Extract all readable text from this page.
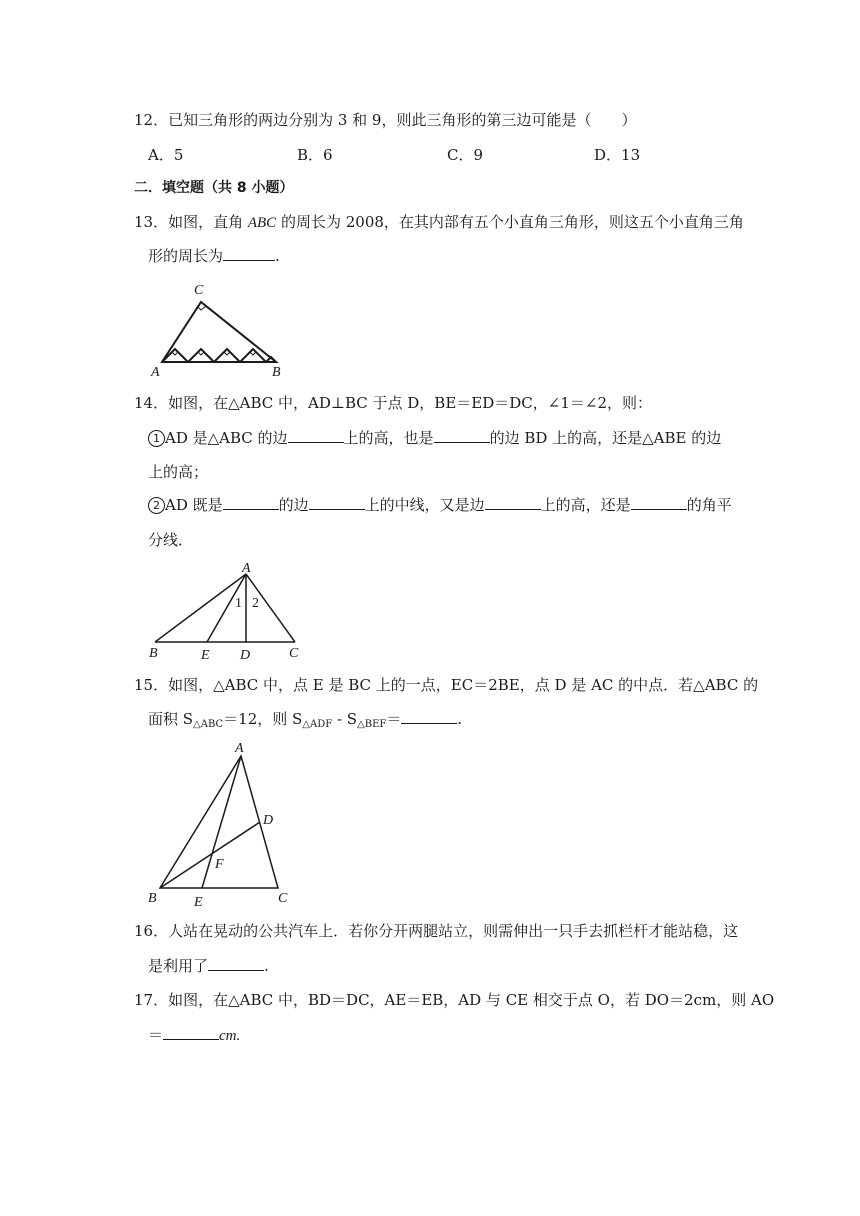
12．已知三角形的两边分别为 3 和 9，则此三角形的第三边可能是（　　）
A．5	B．6	C．9	D．13
二．填空题（共 8 小题）
13．如图，直角 ABC 的周长为 2008，在其内部有五个小直角三角形，则这五个小直角三角
形的周长为	.
C
A	B
14．如图，在△ABC 中，AD⊥BC 于点 D，BE＝ED＝DC，∠1＝∠2，则：
1 AD 是△ABC 的边	上的高，也是	的边 BD 上的高，还是△ABE 的边
上的高；
2 AD 既是	的边	上的中线，又是边	上的高，还是	的角平
分线．
A
B	E D	C
1 2
15．如图，△ABC 中，点 E 是 BC 上的一点，EC＝2BE，点 D 是 AC 的中点．若△ABC 的
面积 $S_{\triangle ABC}=12$，则 $S_{\triangle ADF} - S_{\triangle BEF}=$	.
A
B	C
D
E
F
16．人站在晃动的公共汽车上．若你分开两腿站立，则需伸出一只手去抓栏杆才能站稳，这
是利用了	.
17．如图，在△ABC 中，BD＝DC，AE＝EB，AD 与 CE 相交于点 O，若 DO＝2cm，则 AO
＝	cm.
